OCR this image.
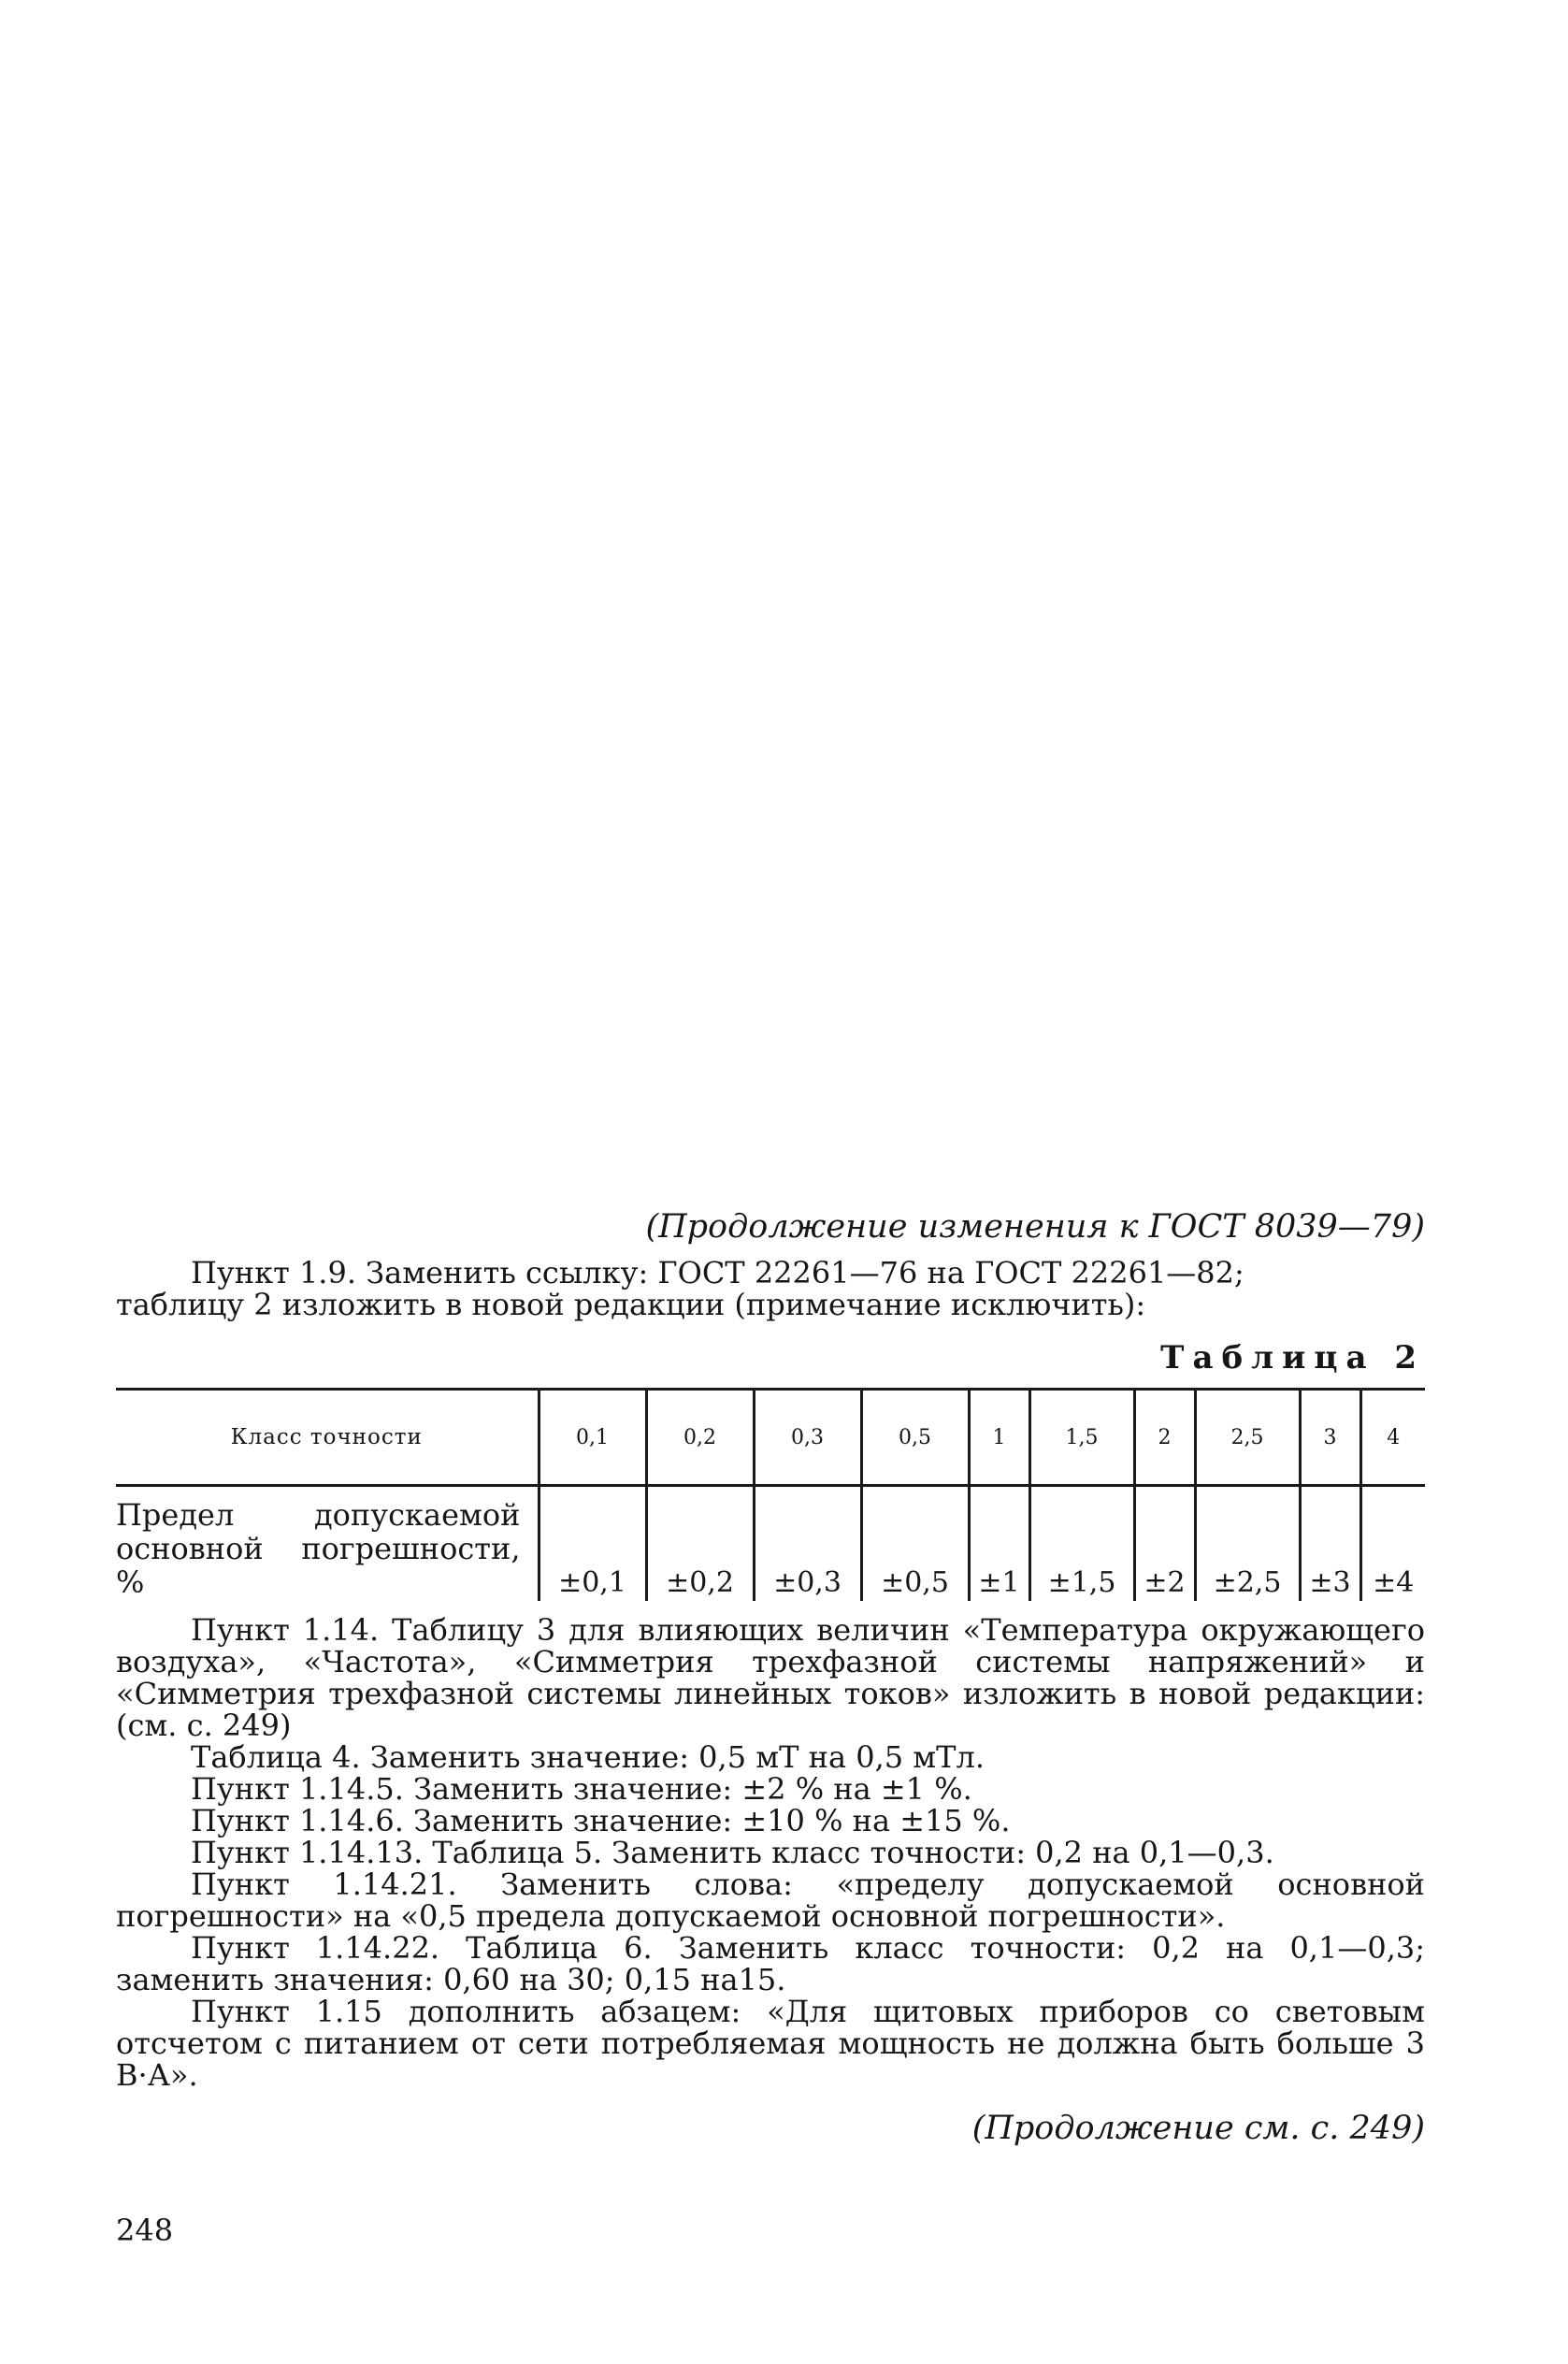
(Продолжение изменения к ГОСТ 8039—79)

Пункт 1.9. Заменить ссылку: ГОСТ 22261—76 на ГОСТ 22261—82;

таблицу 2 изложить в новой редакции (примечание исключить):

Таблица 2
Класс точности	0,1	0,2	0,3	0,5	1	1,5	2	2,5	3	4

Предел допускаемой
основной погрешности, %	±0,1	±0,2	±0,3	±0,5	±1	±1,5	±2	±2,5	±3	±4

Пункт 1.14. Таблицу 3 для влияющих величин «Температура окружающего воздуха», «Частота», «Симметрия трехфазной системы напряжений» и «Симметрия трехфазной системы линейных токов» изложить в новой редакции: (см. с. 249)

Таблица 4. Заменить значение: 0,5 мТ на 0,5 мТл.

Пункт 1.14.5. Заменить значение: ±2 % на ±1 %.

Пункт 1.14.6. Заменить значение: ±10 % на ±15 %.

Пункт 1.14.13. Таблица 5. Заменить класс точности: 0,2 на 0,1—0,3.

Пункт 1.14.21. Заменить слова: «пределу допускаемой основной погрешности» на «0,5 предела допускаемой основной погрешности».

Пункт 1.14.22. Таблица 6. Заменить класс точности: 0,2 на 0,1—0,3; заменить значения: 0,60 на 30; 0,15 на15.

Пункт 1.15 дополнить абзацем: «Для щитовых приборов со световым отсчетом с питанием от сети потребляемая мощность не должна быть больше 3 В·А».

(Продолжение см. с. 249)

248
